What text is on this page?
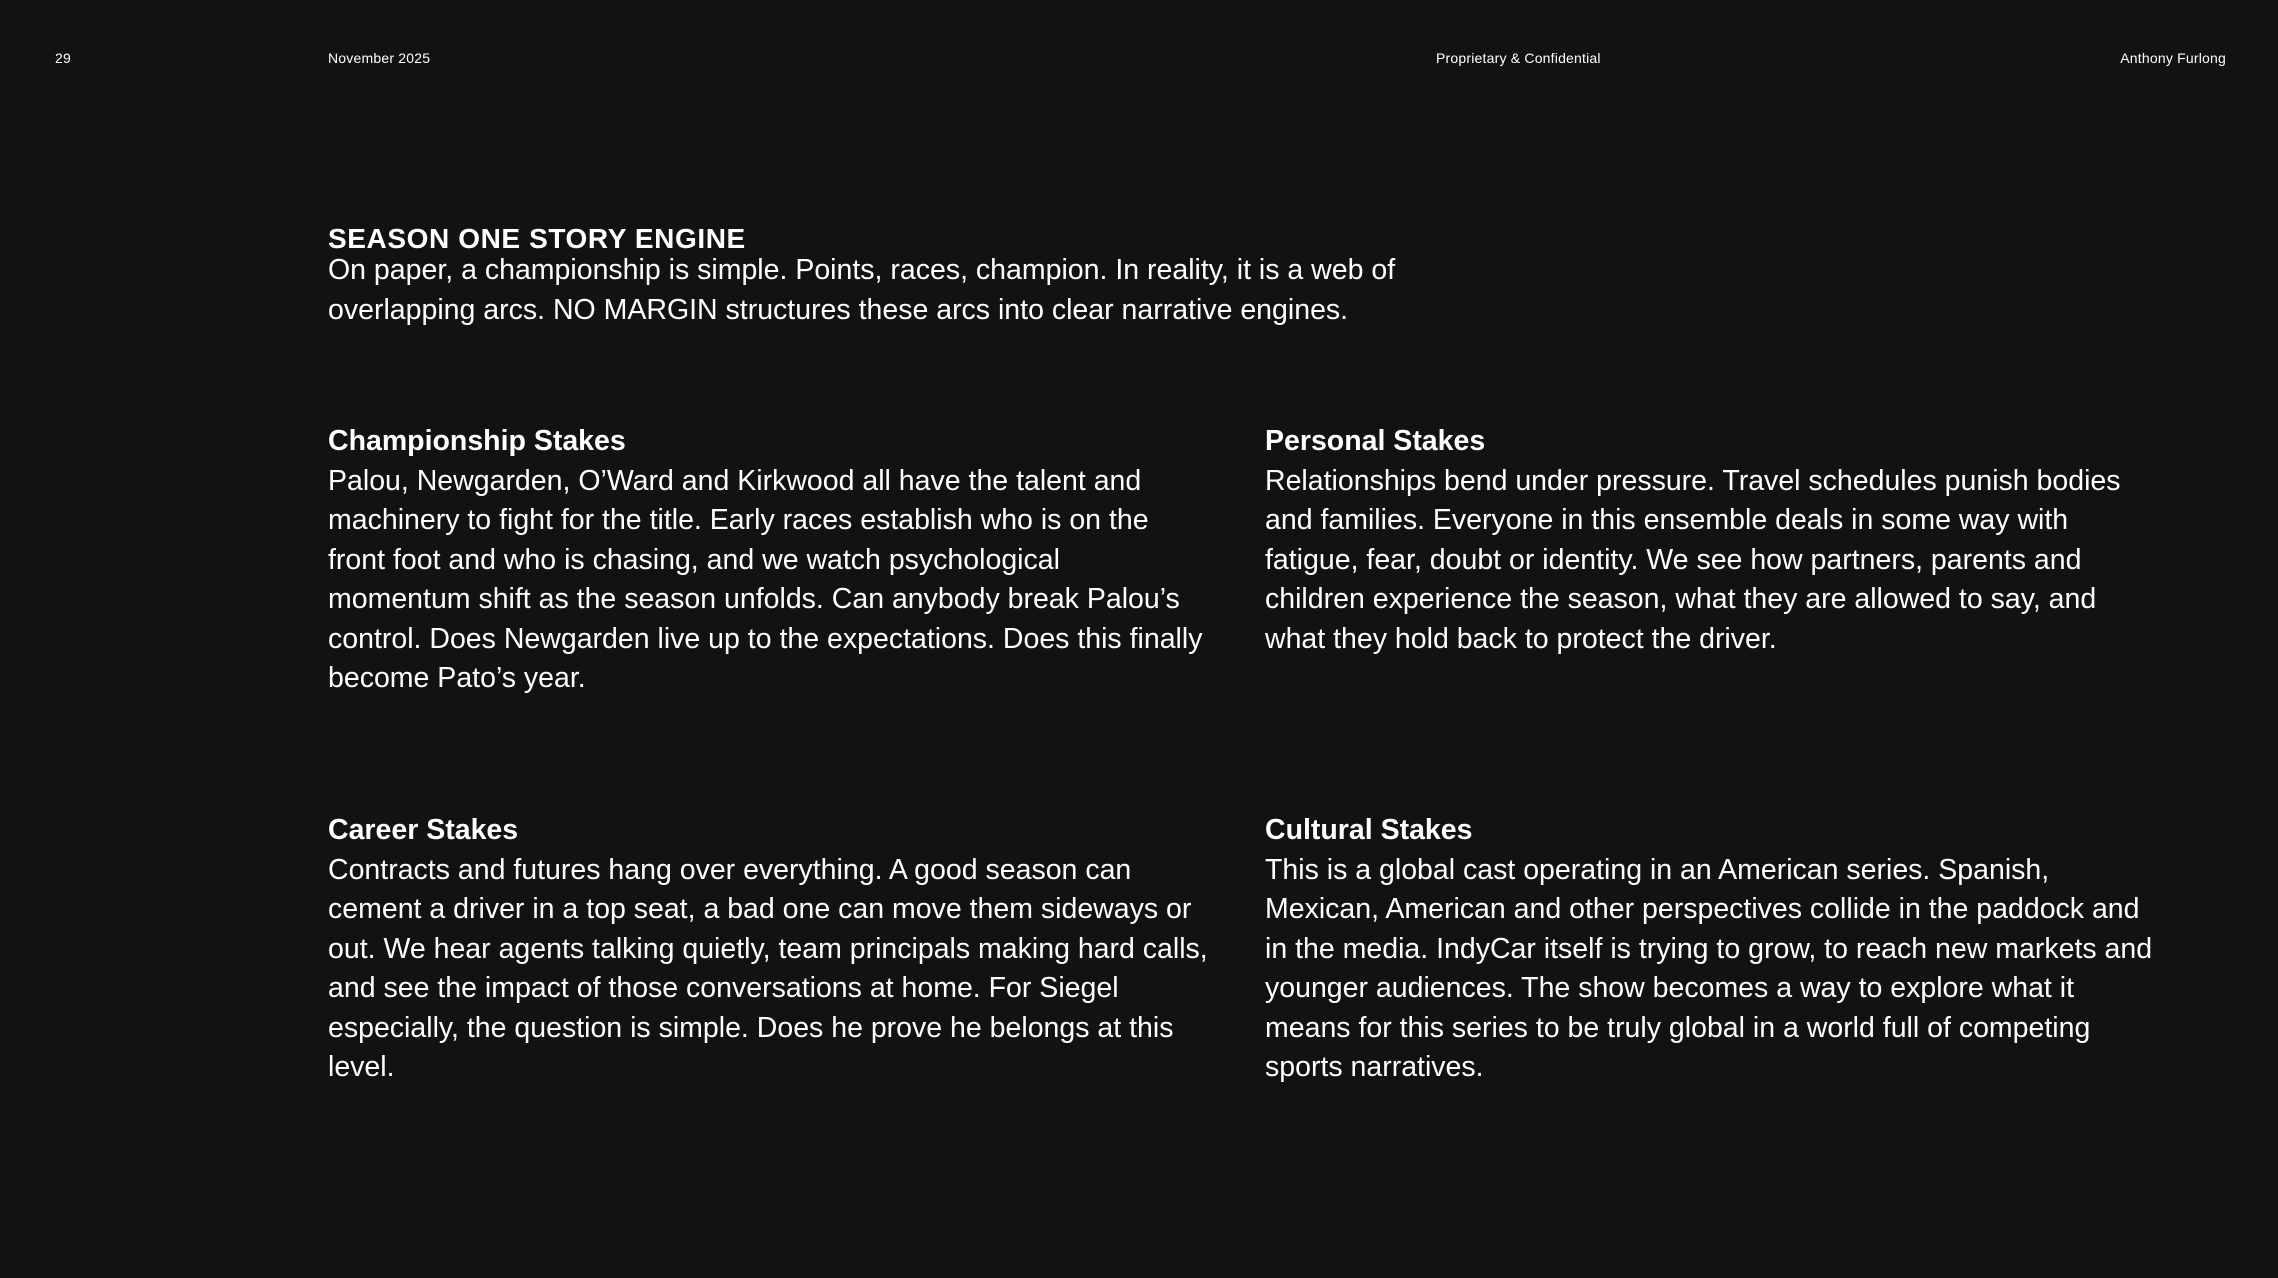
29	November 2025	Proprietary & Confidential	Anthony Furlong
SEASON ONE STORY ENGINE

On paper, a championship is simple. Points, races, champion. In reality, it is a web of overlapping arcs. NO MARGIN structures these arcs into clear narrative engines.

Championship Stakes

Palou, Newgarden, O’Ward and Kirkwood all have the talent and machinery to fight for the title. Early races establish who is on the front foot and who is chasing, and we watch psychological momentum shift as the season unfolds. Can anybody break Palou’s control. Does Newgarden live up to the expectations. Does this finally become Pato’s year.

Personal Stakes

Relationships bend under pressure. Travel schedules punish bodies and families. Everyone in this ensemble deals in some way with fatigue, fear, doubt or identity. We see how partners, parents and children experience the season, what they are allowed to say, and what they hold back to protect the driver.

Career Stakes

Contracts and futures hang over everything. A good season can cement a driver in a top seat, a bad one can move them sideways or out. We hear agents talking quietly, team principals making hard calls, and see the impact of those conversations at home. For Siegel especially, the question is simple. Does he prove he belongs at this level.

Cultural Stakes

This is a global cast operating in an American series. Spanish, Mexican, American and other perspectives collide in the paddock and in the media. IndyCar itself is trying to grow, to reach new markets and younger audiences. The show becomes a way to explore what it means for this series to be truly global in a world full of competing sports narratives.
